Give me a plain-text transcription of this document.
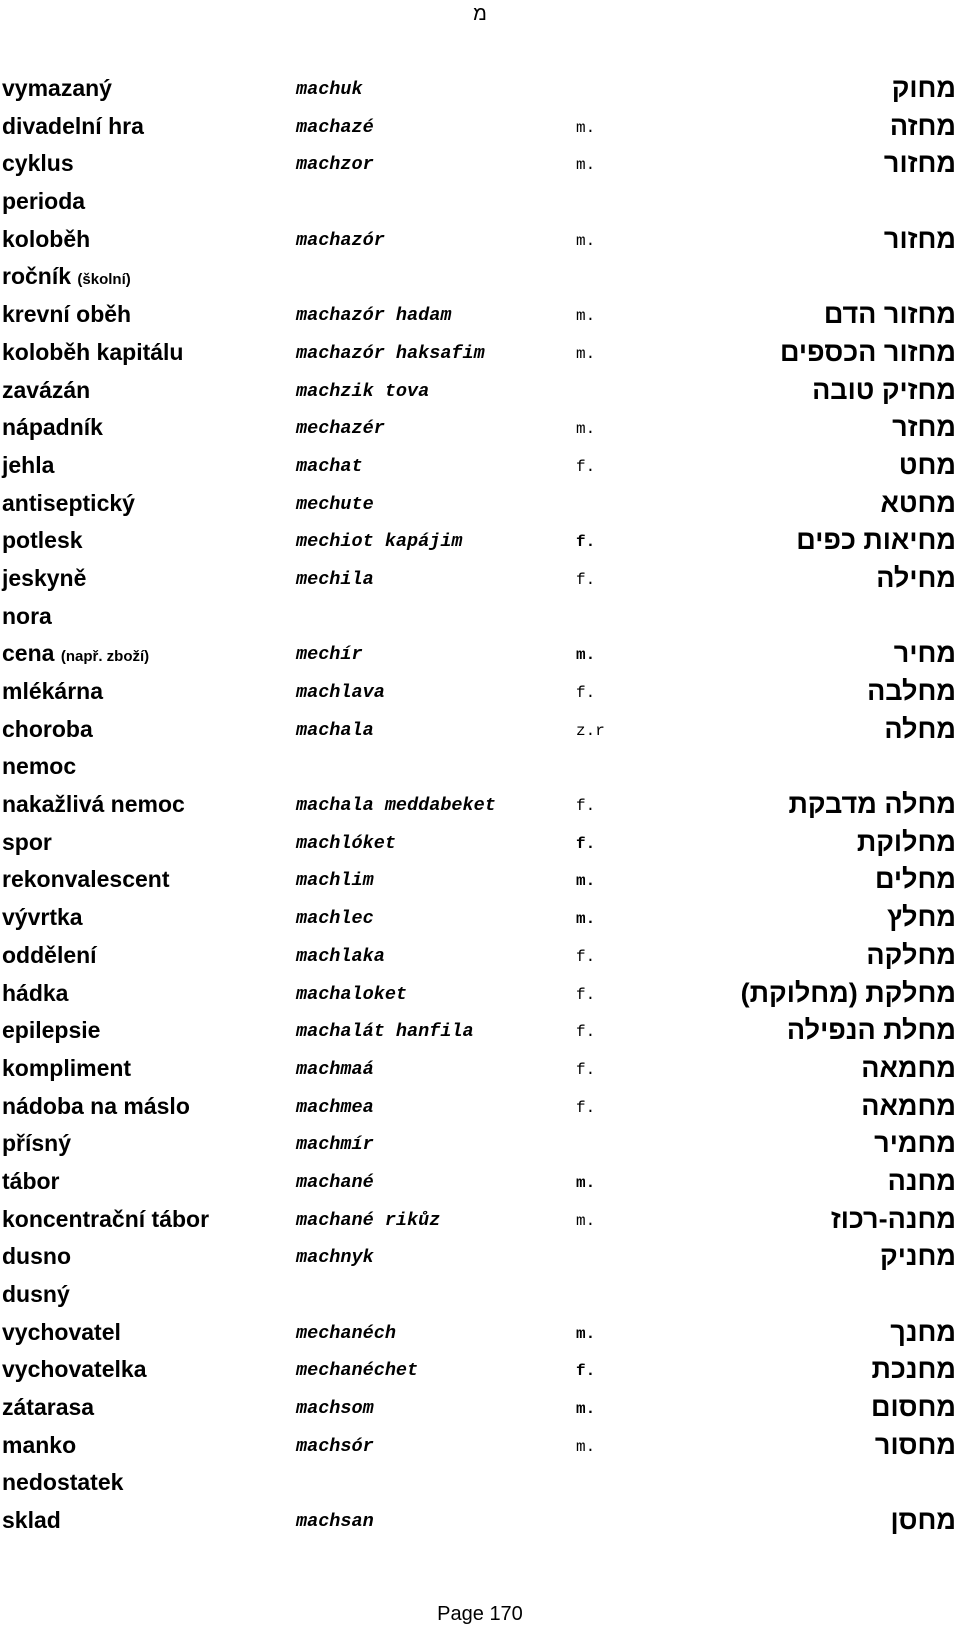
מ
vymazaný	machuk	מחוק
divadelní hra	machazé	m.	מחזה
cyklus	machzor	m.	מחזור
perioda
koloběh	machazór	m.	מחזור
ročník (školní)
krevní oběh	machazór hadam	m.	מחזור הדם
koloběh kapitálu	machazór haksafim	m.	מחזור הכספים
zavázán	machzik tova	מחזיק טובה
nápadník	mechazér	m.	מחזר
jehla	machat	f.	מחט
antiseptický	mechute	מחטא
potlesk	mechiot kapájim	f.	מחיאות כפים
jeskyně	mechila	f.	מחילה
nora
cena (např. zboží)	mechír	m.	מחיר
mlékárna	machlava	f.	מחלבה
choroba	machala	z.r	מחלה
nemoc
nakažlivá nemoc	machala meddabeket	f.	מחלה מדבקת
spor	machlóket	f.	מחלוקת
rekonvalescent	machlim	m.	מחלים
vývrtka	machlec	m.	מחלץ
oddělení	machlaka	f.	מחלקה
hádka	machaloket	f.	מחלקת (מחלוקת)
epilepsie	machalát hanfila	f.	מחלת הנפילה
kompliment	machmaá	f.	מחמאה
nádoba na máslo	machmea	f.	מחמאה
přísný	machmír	מחמיר
tábor	machané	m.	מחנה
koncentrační tábor	machané rikůz	m.	מחנה-רכוז
dusno	machnyk	מחניק
dusný
vychovatel	mechanéch	m.	מחנך
vychovatelka	mechanéchet	f.	מחנכת
zátarasa	machsom	m.	מחסום
manko	machsór	m.	מחסור
nedostatek
sklad	machsan	מחסן
Page 170
